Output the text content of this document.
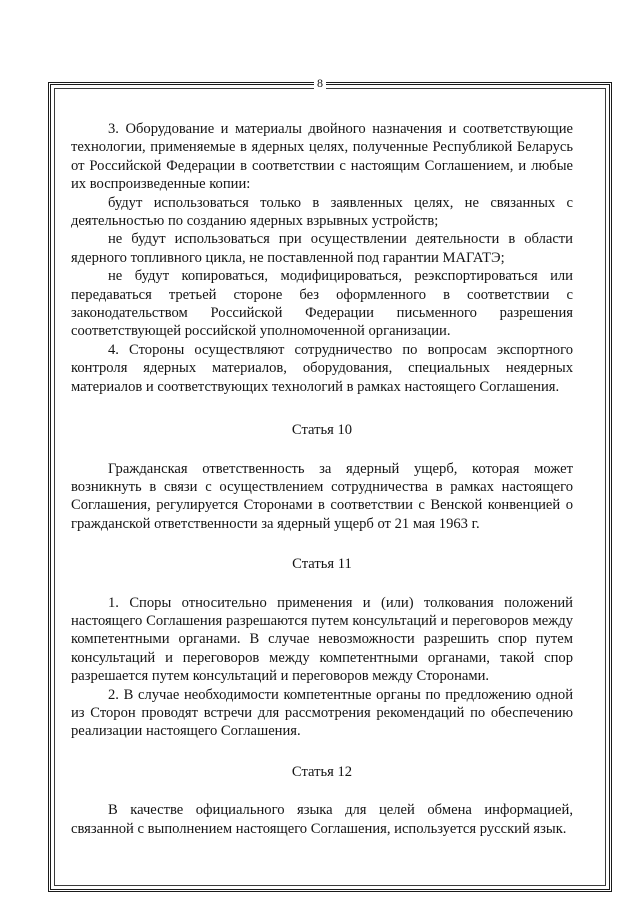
8

3. Оборудование и материалы двойного назначения и соответствующие технологии, применяемые в ядерных целях, полученные Республикой Беларусь от Российской Федерации в соответствии с настоящим Соглашением, и любые их воспроизведенные копии:

будут использоваться только в заявленных целях, не связанных с деятельностью по созданию ядерных взрывных устройств;

не будут использоваться при осуществлении деятельности в области ядерного топливного цикла, не поставленной под гарантии МАГАТЭ;

не будут копироваться, модифицироваться, реэкспортироваться или передаваться третьей стороне без оформленного в соответствии с законодательством Российской Федерации письменного разрешения соответствующей российской уполномоченной организации.

4. Стороны осуществляют сотрудничество по вопросам экспортного контроля ядерных материалов, оборудования, специальных неядерных материалов и соответствующих технологий в рамках настоящего Соглашения.

Статья 10

Гражданская ответственность за ядерный ущерб, которая может возникнуть в связи с осуществлением сотрудничества в рамках настоящего Соглашения, регулируется Сторонами в соответствии с Венской конвенцией о гражданской ответственности за ядерный ущерб от 21 мая 1963 г.

Статья 11

1. Споры относительно применения и (или) толкования положений настоящего Соглашения разрешаются путем консультаций и переговоров между компетентными органами. В случае невозможности разрешить спор путем консультаций и переговоров между компетентными органами, такой спор разрешается путем консультаций и переговоров между Сторонами.

2. В случае необходимости компетентные органы по предложению одной из Сторон проводят встречи для рассмотрения рекомендаций по обеспечению реализации настоящего Соглашения.

Статья 12

В качестве официального языка для целей обмена информацией, связанной с выполнением настоящего Соглашения, используется русский язык.
